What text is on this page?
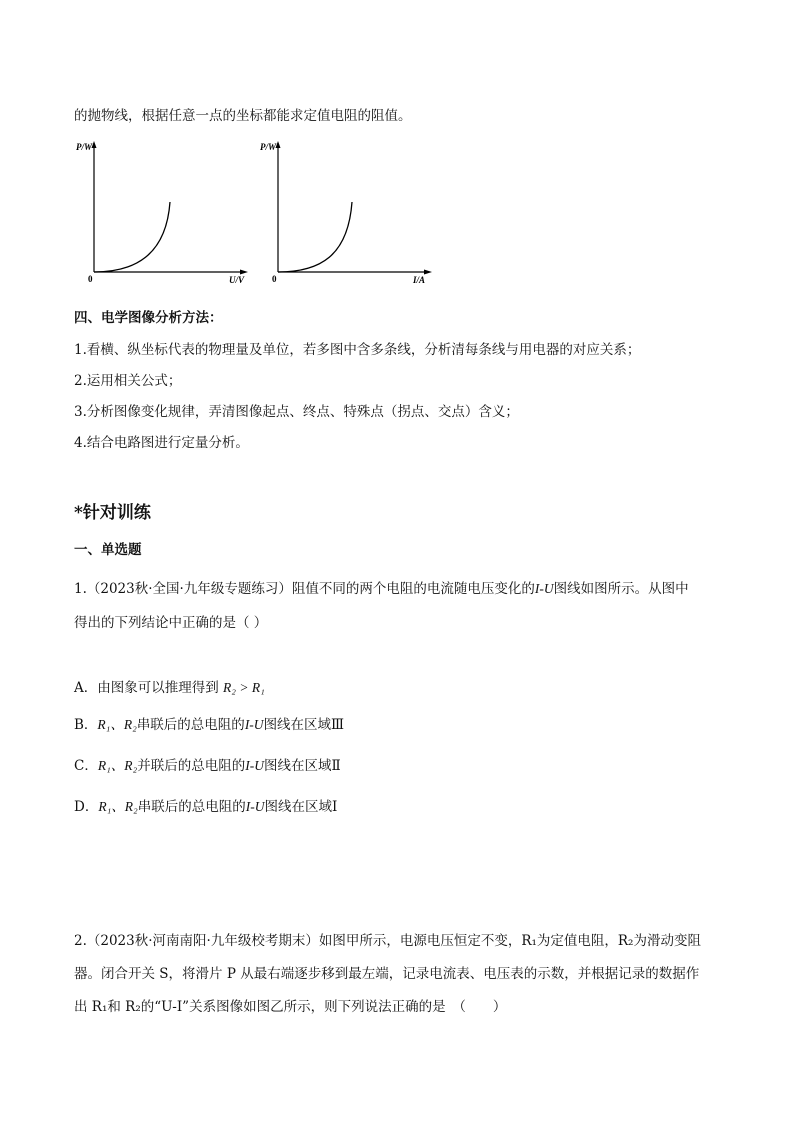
的抛物线，根据任意一点的坐标都能求定值电阻的阻值。
P/W
U/V
0
P/W
I/A
0
四、电学图像分析方法：
1.看横、纵坐标代表的物理量及单位，若多图中含多条线，分析清每条线与用电器的对应关系；
2.运用相关公式；
3.分析图像变化规律，弄清图像起点、终点、特殊点（拐点、交点）含义；
4.结合电路图进行定量分析。
*针对训练
一、单选题
1.（2023秋·全国·九年级专题练习）阻值不同的两个电阻的电流随电压变化的I-U图线如图所示。从图中
得出的下列结论中正确的是（ ）
A．由图象可以推理得到 R₂ > R₁
B．R₁、R₂串联后的总电阻的I-U图线在区域Ⅲ
C．R₁、R₂并联后的总电阻的I-U图线在区域Ⅱ
D．R₁、R₂串联后的总电阻的I-U图线在区域Ⅰ
2.（2023秋·河南南阳·九年级校考期末）如图甲所示，电源电压恒定不变，R₁为定值电阻，R₂为滑动变阻
器。闭合开关 S，将滑片 P 从最右端逐步移到最左端，记录电流表、电压表的示数，并根据记录的数据作
出 R₁和 R₂的“U-I”关系图像如图乙所示，则下列说法正确的是　（　　）
